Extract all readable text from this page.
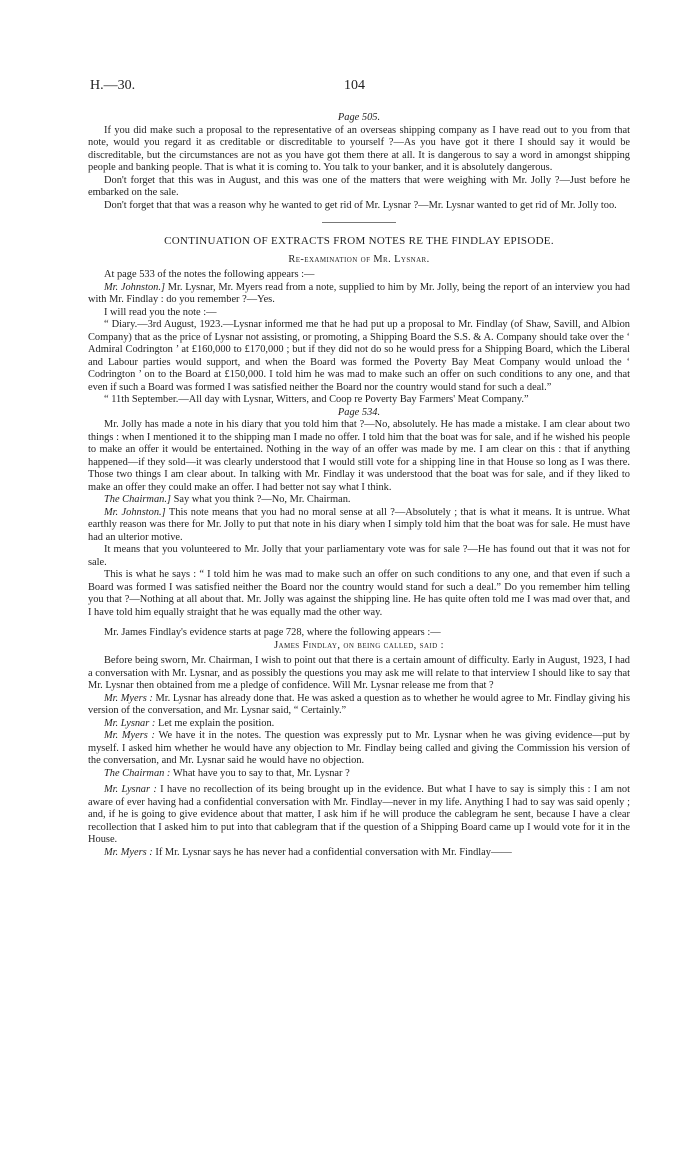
H.—30.	104
Page 505.

If you did make such a proposal to the representative of an overseas shipping company as I have read out to you from that note, would you regard it as creditable or discreditable to yourself ?—As you have got it there I should say it would be discreditable, but the circumstances are not as you have got them there at all. It is dangerous to say a word in amongst shipping people and banking people. That is what it is coming to. You talk to your banker, and it is absolutely dangerous.

Don't forget that this was in August, and this was one of the matters that were weighing with Mr. Jolly ?—Just before he embarked on the sale.

Don't forget that that was a reason why he wanted to get rid of Mr. Lysnar ?—Mr. Lysnar wanted to get rid of Mr. Jolly too.

CONTINUATION OF EXTRACTS FROM NOTES RE THE FINDLAY EPISODE.
Re-examination of Mr. Lysnar.

At page 533 of the notes the following appears :—

Mr. Johnston.] Mr. Lysnar, Mr. Myers read from a note, supplied to him by Mr. Jolly, being the report of an interview you had with Mr. Findlay : do you remember ?—Yes.

I will read you the note :—

“ Diary.—3rd August, 1923.—Lysnar informed me that he had put up a proposal to Mr. Findlay (of Shaw, Savill, and Albion Company) that as the price of Lysnar not assisting, or promoting, a Shipping Board the S.S. & A. Company should take over the ‘ Admiral Codrington ’ at £160,000 to £170,000 ; but if they did not do so he would press for a Shipping Board, which the Liberal and Labour parties would support, and when the Board was formed the Poverty Bay Meat Company would unload the ‘ Codrington ’ on to the Board at £150,000. I told him he was mad to make such an offer on such conditions to any one, and that even if such a Board was formed I was satisfied neither the Board nor the country would stand for such a deal.”

“ 11th September.—All day with Lysnar, Witters, and Coop re Poverty Bay Farmers' Meat Company.”

Page 534.

Mr. Jolly has made a note in his diary that you told him that ?—No, absolutely. He has made a mistake. I am clear about two things : when I mentioned it to the shipping man I made no offer. I told him that the boat was for sale, and if he wished his people to make an offer it would be entertained. Nothing in the way of an offer was made by me. I am clear on this : that if anything happened—if they sold—it was clearly understood that I would still vote for a shipping line in that House so long as I was there. Those two things I am clear about. In talking with Mr. Findlay it was understood that the boat was for sale, and if they liked to make an offer they could make an offer. I had better not say what I think.

The Chairman.] Say what you think ?—No, Mr. Chairman.

Mr. Johnston.] This note means that you had no moral sense at all ?—Absolutely ; that is what it means. It is untrue. What earthly reason was there for Mr. Jolly to put that note in his diary when I simply told him that the boat was for sale. He must have had an ulterior motive.

It means that you volunteered to Mr. Jolly that your parliamentary vote was for sale ?—He has found out that it was not for sale.

This is what he says : “ I told him he was mad to make such an offer on such conditions to any one, and that even if such a Board was formed I was satisfied neither the Board nor the country would stand for such a deal.” Do you remember him telling you that ?—Nothing at all about that. Mr. Jolly was against the shipping line. He has quite often told me I was mad over that, and I have told him equally straight that he was equally mad the other way.

Mr. James Findlay's evidence starts at page 728, where the following appears :—

James Findlay, on being called, said :

Before being sworn, Mr. Chairman, I wish to point out that there is a certain amount of difficulty. Early in August, 1923, I had a conversation with Mr. Lysnar, and as possibly the questions you may ask me will relate to that interview I should like to say that Mr. Lysnar then obtained from me a pledge of confidence. Will Mr. Lysnar release me from that ?

Mr. Myers : Mr. Lysnar has already done that. He was asked a question as to whether he would agree to Mr. Findlay giving his version of the conversation, and Mr. Lysnar said, “ Certainly.”

Mr. Lysnar : Let me explain the position.

Mr. Myers : We have it in the notes. The question was expressly put to Mr. Lysnar when he was giving evidence—put by myself. I asked him whether he would have any objection to Mr. Findlay being called and giving the Commission his version of the conversation, and Mr. Lysnar said he would have no objection.

The Chairman : What have you to say to that, Mr. Lysnar ?

Mr. Lysnar : I have no recollection of its being brought up in the evidence. But what I have to say is simply this : I am not aware of ever having had a confidential conversation with Mr. Findlay—never in my life. Anything I had to say was said openly ; and, if he is going to give evidence about that matter, I ask him if he will produce the cablegram he sent, because I have a clear recollection that I asked him to put into that cablegram that if the question of a Shipping Board came up I would vote for it in the House.

Mr. Myers : If Mr. Lysnar says he has never had a confidential conversation with Mr. Findlay——
